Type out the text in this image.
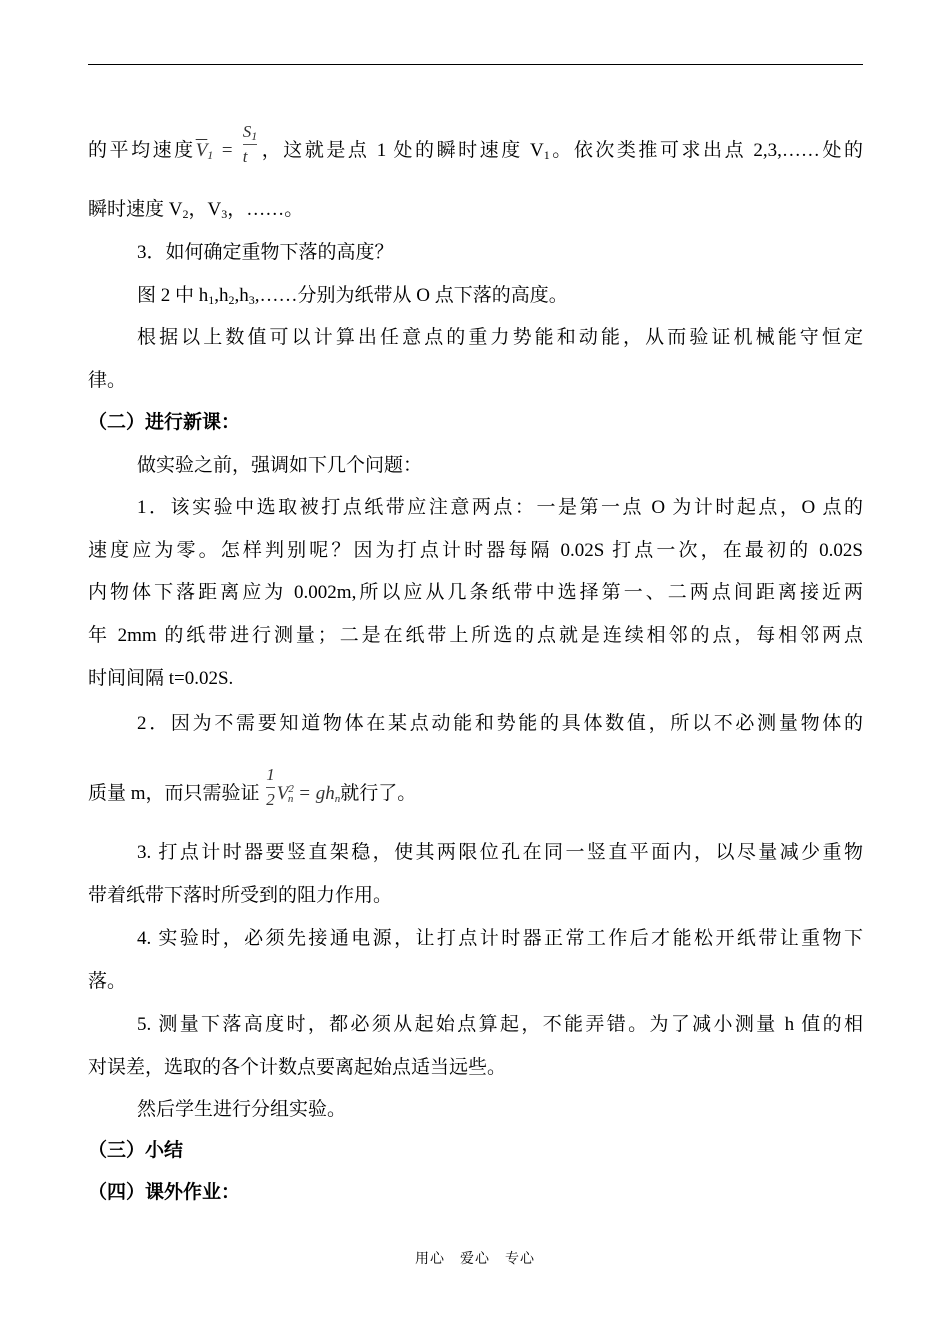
的平均速度$\overline{V}_1 = \frac{S_1}{t}$ ，这就是点 1 处的瞬时速度 $V_1$。依次类推可求出点 2,3,……处的
瞬时速度 $V_2$，$V_3$，……。
3．如何确定重物下落的高度？
图 2 中 $h_1,h_2,h_3,\dots\dots$分别为纸带从 O 点下落的高度。
根据以上数值可以计算出任意点的重力势能和动能，从而验证机械能守恒定
律。
（二）进行新课：
做实验之前，强调如下几个问题：
1．该实验中选取被打点纸带应注意两点：一是第一点 O 为计时起点，O 点的
速度应为零。怎样判别呢？因为打点计时器每隔 0.02S 打点一次，在最初的 0.02S
内物体下落距离应为 0.002m,所以应从几条纸带中选择第一、二两点间距离接近两
年 2mm 的纸带进行测量；二是在纸带上所选的点就是连续相邻的点，每相邻两点
时间间隔 t=0.02S.
2．因为不需要知道物体在某点动能和势能的具体数值，所以不必测量物体的
质量 m，而只需验证 $\frac{1}{2} V^2_n = gh_n$就行了。
3. 打点计时器要竖直架稳，使其两限位孔在同一竖直平面内，以尽量减少重物
带着纸带下落时所受到的阻力作用。
4. 实验时，必须先接通电源，让打点计时器正常工作后才能松开纸带让重物下
落。
5. 测量下落高度时，都必须从起始点算起，不能弄错。为了减小测量 h 值的相
对误差，选取的各个计数点要离起始点适当远些。
然后学生进行分组实验。
（三）小结
（四）课外作业：
用心　爱心　专心
